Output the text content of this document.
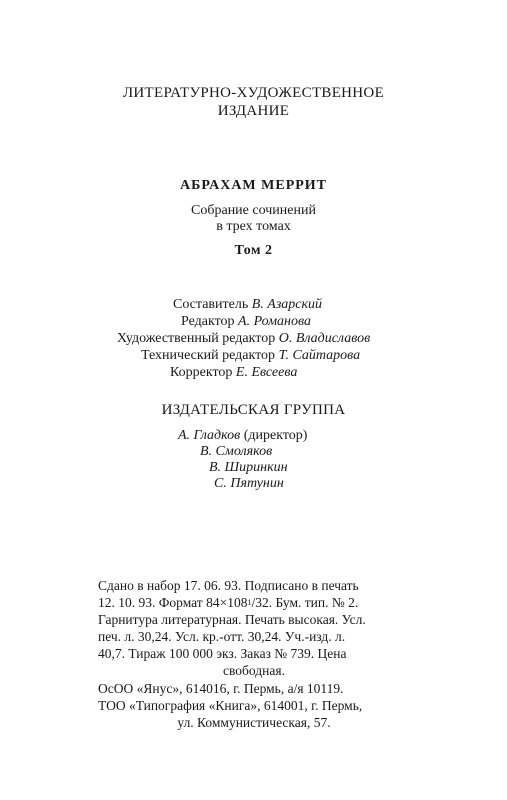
ЛИТЕРАТУРНО-ХУДОЖЕСТВЕННОЕ
ИЗДАНИЕ
АБРАХАМ МЕРРИТ
Собрание сочинений
в трех томах
Том 2
Составитель В. Азарский
Редактор А. Романова
Художественный редактор О. Владиславов
Технический редактор Т. Сайтарова
Корректор Е. Евсеева
ИЗДАТЕЛЬСКАЯ ГРУППА
А. Гладков (директор)
В. Смоляков
В. Ширинкин
С. Пятунин
Сдано в набор 17. 06. 93. Подписано в печать
12. 10. 93. Формат 84×108 1 /32. Бум. тип. № 2.
Гарнитура литературная. Печать высокая. Усл.
печ. л. 30,24. Усл. кр.-отт. 30,24. Уч.-изд. л.
40,7. Тираж 100 000 экз. Заказ № 739. Цена
свободная.
ОсОО «Янус», 614016, г. Пермь, а/я 10119.
ТОО «Типография «Книга», 614001, г. Пермь,
ул. Коммунистическая, 57.
